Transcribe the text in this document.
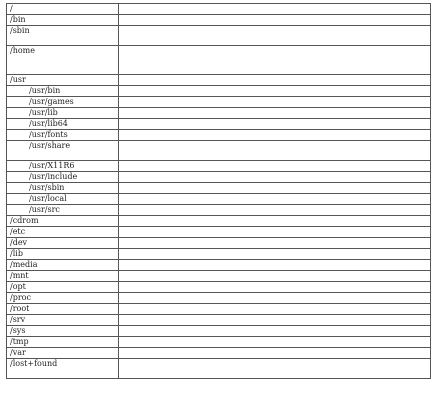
/	
/bin	
/sbin	
/home	
/usr	
/usr/bin	
/usr/games	
/usr/lib	
/usr/lib64	
/usr/fonts	
/usr/share	
/usr/X11R6	
/usr/include	
/usr/sbin	
/usr/local	
/usr/src	
/cdrom	
/etc	
/dev	
/lib	
/media	
/mnt	
/opt	
/proc	
/root	
/srv	
/sys	
/tmp	
/var	
/lost+found	
